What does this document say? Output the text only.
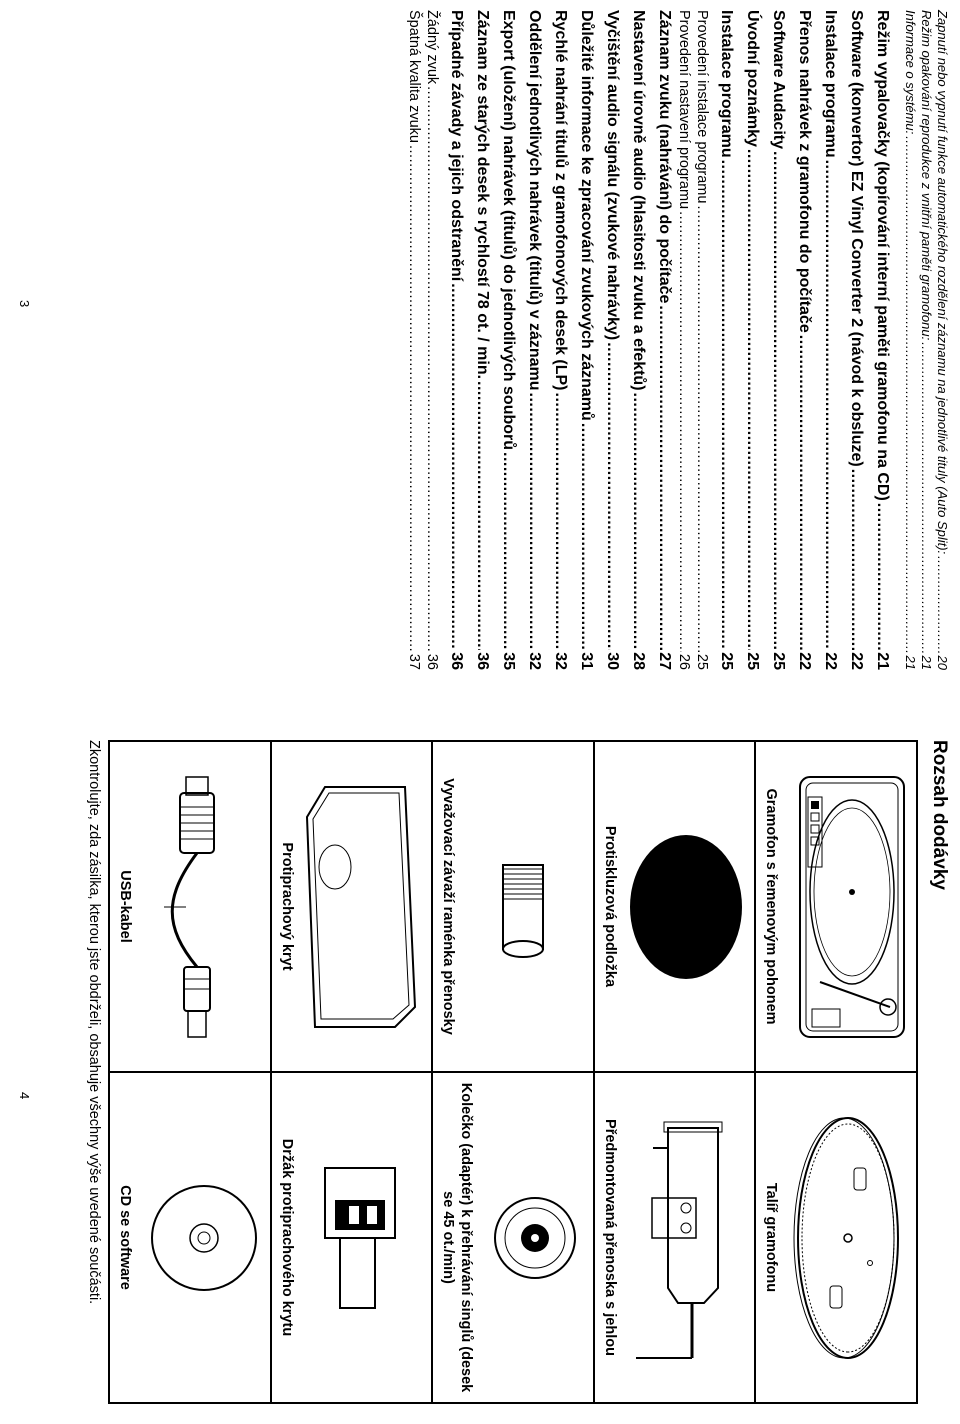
Zapnutí nebo vypnutí funkce automatického rozdělení záznamu na jednotlivé tituly (Auto Split):
.....
20
Režim opakování reprodukce z vnitřní paměti gramofonu:
.....
21
Informace o systému:
.....
21
Režim vypalovačky (kopírování interní paměti gramofonu na CD)
.....
21
Software (konvertor) EZ Vinyl Converter 2 (návod k obsluze)
.....
22
Instalace programu
.....
22
Přenos nahrávek z gramofonu do počítače
.....
22
Software Audacity
.....
25
Úvodní poznámky
.....
25
Instalace programu
.....
25
Provedení instalace programu
.....
25
Provedení nastavení programu
.....
26
Záznam zvuku (nahrávání) do počítače
.....
27
Nastavení úrovně audio (hlasitosti zvuku a efektů)
.....
28
Vyčištění audio signálu (zvukové nahrávky)
.....
30
Důležité informace ke zpracování zvukových záznamů
.....
31
Rychlé nahrání titulů z gramofonových desek (LP)
.....
32
Oddělení jednotlivých nahrávek (titulů) v záznamu
.....
32
Export (uložení) nahrávek (titulů) do jednotlivých souborů
.....
35
Záznam ze starých desek s rychlostí 78 ot. / min.
.....
36
Případné závady a jejich odstranění
.....
36
Žádný zvuk
.....
36
Špatná kvalita zvuku
.....
37
3
4
Rozsah dodávky
Gramofon s řemenovým pohonem
Talíř gramofonu
Protiskluzová podložka
Předmontovaná přenoska s jehlou
Vyvažovací závaží raménka přenosky
Kolečko (adaptér) k přehrávání singlů (desek se 45 ot./min)
Protiprachový kryt
Držák protiprachového krytu
USB-kabel
CD se software
Zkontrolujte, zda zásilka, kterou jste obdrželi, obsahuje všechny výše uvedené součásti.
